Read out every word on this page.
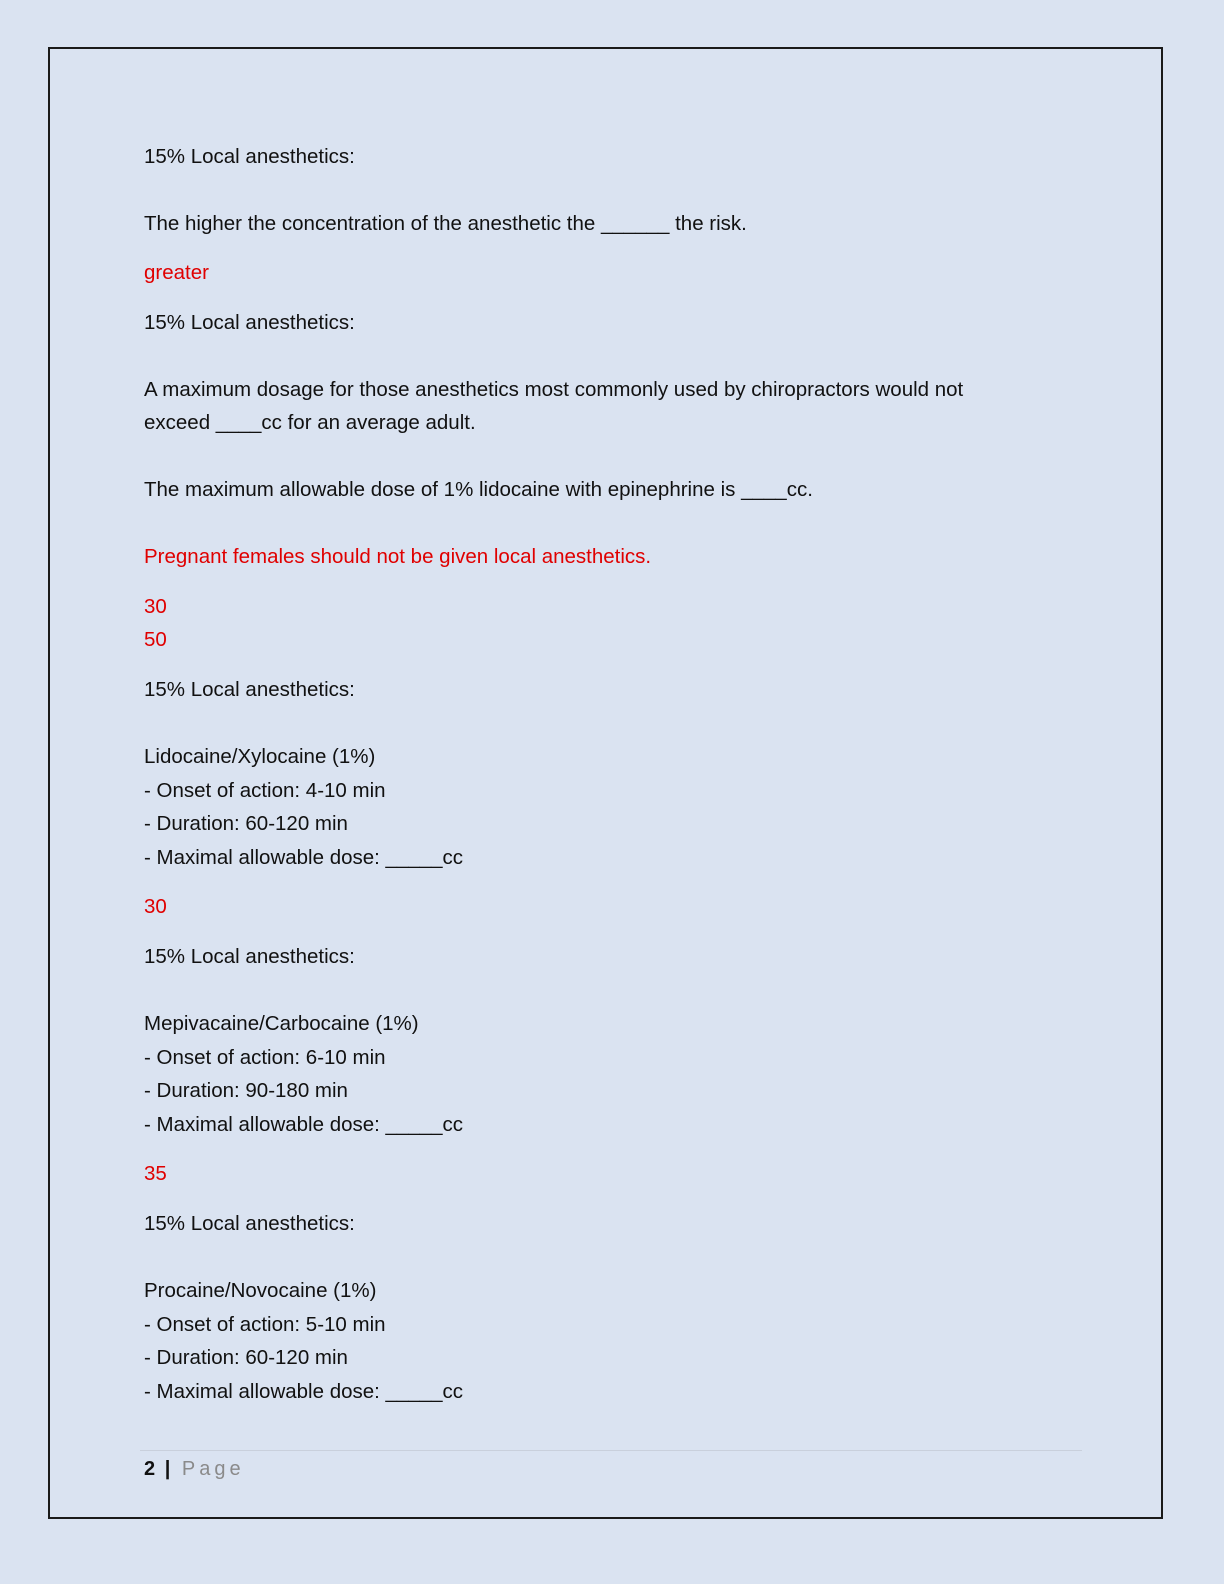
15% Local anesthetics:
The higher the concentration of the anesthetic the ______ the risk.
greater
15% Local anesthetics:
A maximum dosage for those anesthetics most commonly used by chiropractors would not
exceed ____cc for an average adult.
The maximum allowable dose of 1% lidocaine with epinephrine is ____cc.
Pregnant females should not be given local anesthetics.
30
50
15% Local anesthetics:
Lidocaine/Xylocaine (1%)
- Onset of action: 4-10 min
- Duration: 60-120 min
- Maximal allowable dose: _____cc
30
15% Local anesthetics:
Mepivacaine/Carbocaine (1%)
- Onset of action: 6-10 min
- Duration: 90-180 min
- Maximal allowable dose: _____cc
35
15% Local anesthetics:
Procaine/Novocaine (1%)
- Onset of action: 5-10 min
- Duration: 60-120 min
- Maximal allowable dose: _____cc
2 | Page
